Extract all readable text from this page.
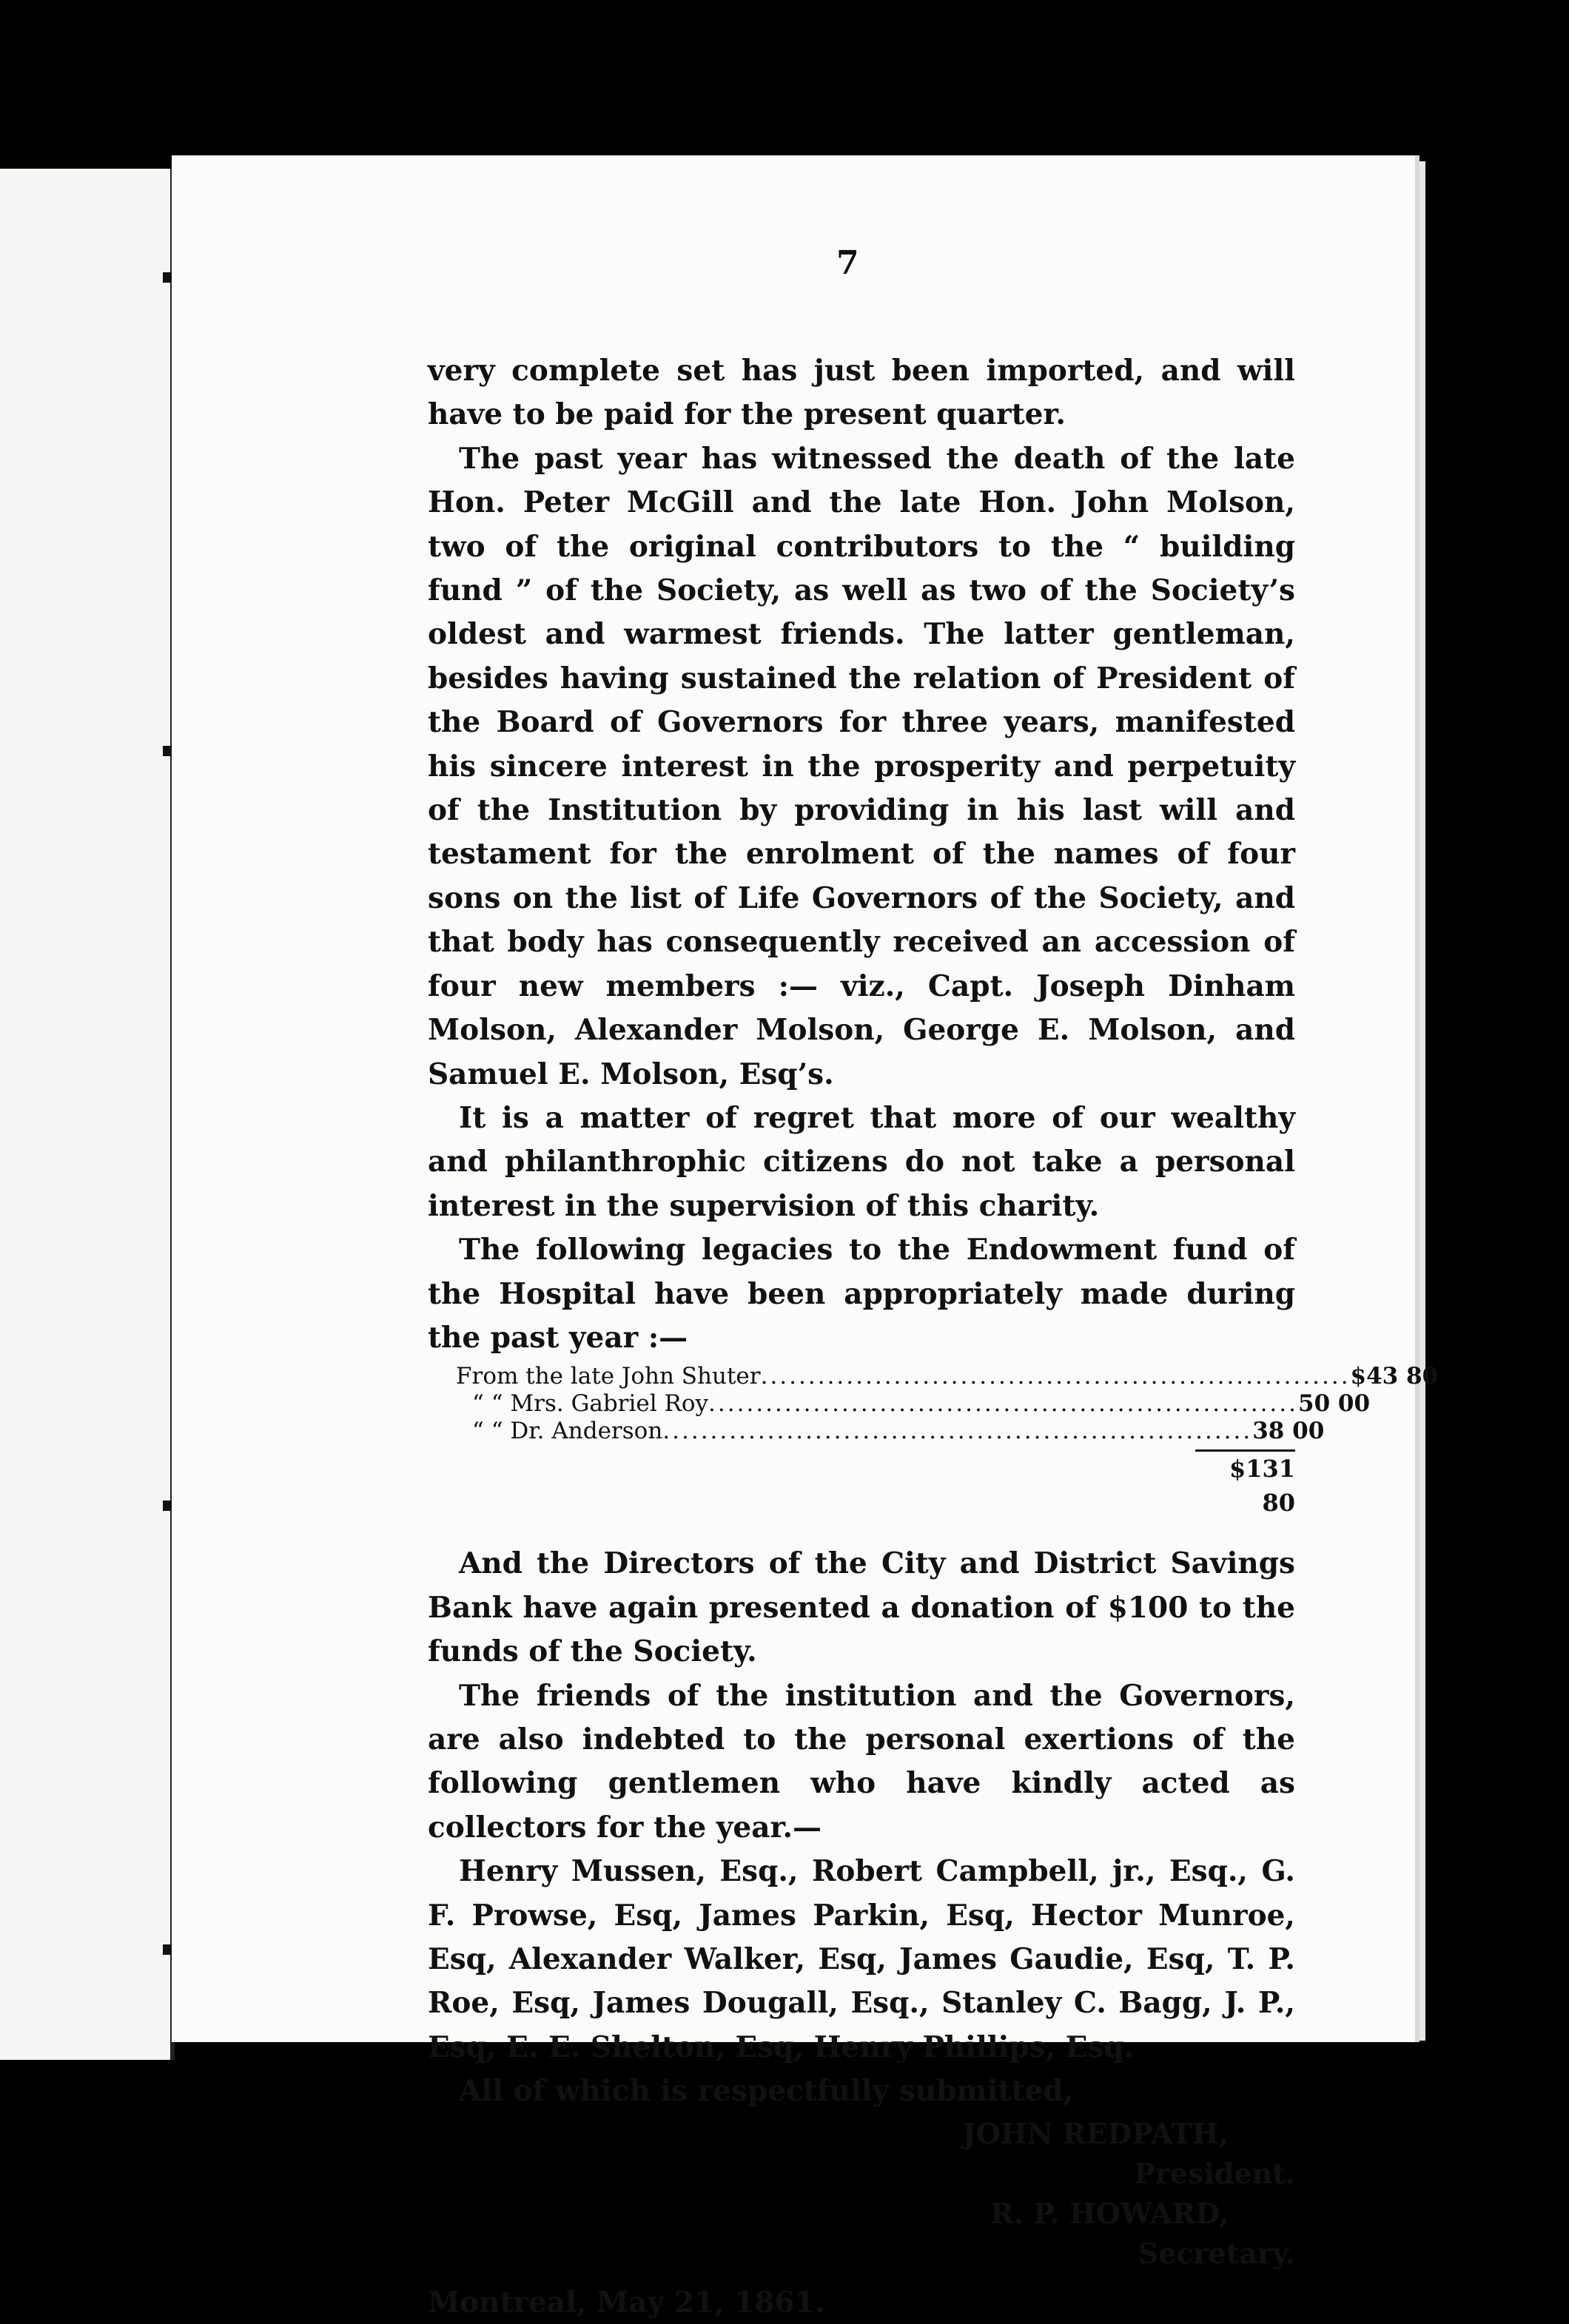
7

very complete set has just been imported, and will have to be paid for the present quarter.

The past year has witnessed the death of the late Hon. Peter McGill and the late Hon. John Molson, two of the original contributors to the “ building fund ” of the Society, as well as two of the Society’s oldest and warmest friends. The latter gentleman, besides having sustained the relation of President of the Board of Governors for three years, manifested his sincere interest in the prosperity and perpetuity of the Institution by providing in his last will and testament for the enrolment of the names of four sons on the list of Life Governors of the Society, and that body has consequently received an accession of four new members :— viz., Capt. Joseph Dinham Molson, Alexander Molson, George E. Molson, and Samuel E. Molson, Esq’s.

It is a matter of regret that more of our wealthy and philanthrophic citizens do not take a personal interest in the supervision of this charity.

The following legacies to the Endowment fund of the Hospital have been appropriately made during the past year :—

From the late John Shuter .............................................................. $43 80
“ “ Mrs. Gabriel Roy .............................................................. 50 00
“ “ Dr. Anderson .............................................................. 38 00
$131 80

And the Directors of the City and District Savings Bank have again presented a donation of $100 to the funds of the Society.

The friends of the institution and the Governors, are also indebted to the personal exertions of the following gentlemen who have kindly acted as collectors for the year.—

Henry Mussen, Esq., Robert Campbell, jr., Esq., G. F. Prowse, Esq, James Parkin, Esq, Hector Munroe, Esq, Alexander Walker, Esq, James Gaudie, Esq, T. P. Roe, Esq, James Dougall, Esq., Stanley C. Bagg, J. P., Esq, E. E. Shelton, Esq, Henry Phillips, Esq.

All of which is respectfully submitted,

JOHN REDPATH,
President.
R. P. HOWARD,
Secretary.
Montreal, May 21, 1861.
